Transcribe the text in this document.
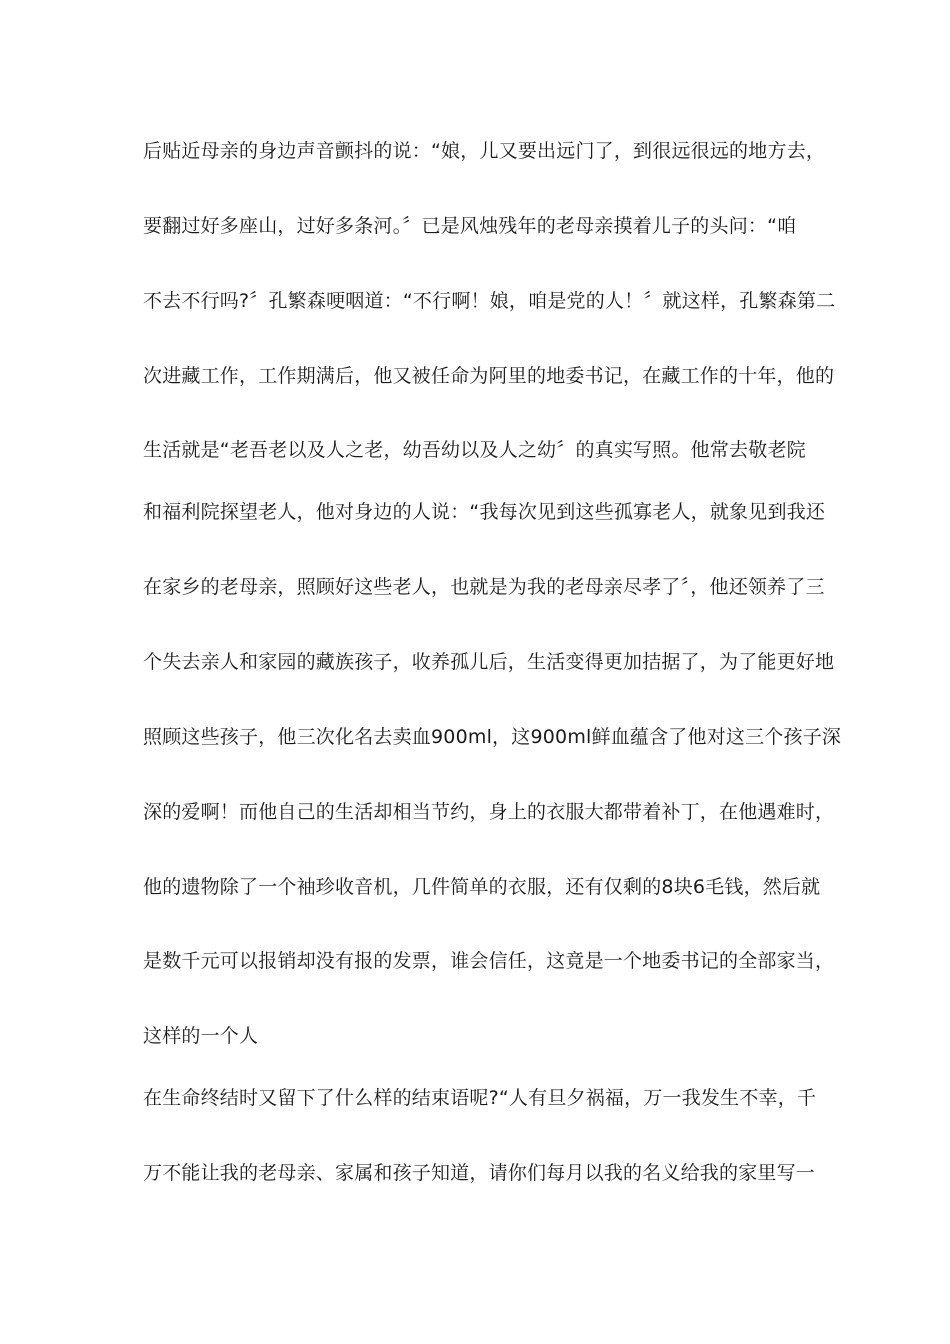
后贴近母亲的身边声音颤抖的说：“娘，儿又要出远门了，到很远很远的地方去，
要翻过好多座山，过好多条河。〞已是风烛残年的老母亲摸着儿子的头问：“咱
不去不行吗?〞孔繁森哽咽道：“不行啊！娘，咱是党的人！〞就这样，孔繁森第二
次进藏工作，工作期满后，他又被任命为阿里的地委书记，在藏工作的十年，他的
生活就是“老吾老以及人之老，幼吾幼以及人之幼〞的真实写照。他常去敬老院
和福利院探望老人，他对身边的人说：“我每次见到这些孤寡老人，就象见到我还
在家乡的老母亲，照顾好这些老人，也就是为我的老母亲尽孝了〞，他还领养了三
个失去亲人和家园的藏族孩子，收养孤儿后，生活变得更加拮据了，为了能更好地
照顾这些孩子，他三次化名去卖血900ml，这900ml鲜血蕴含了他对这三个孩子深
深的爱啊！而他自己的生活却相当节约，身上的衣服大都带着补丁，在他遇难时，
他的遗物除了一个袖珍收音机，几件简单的衣服，还有仅剩的8块6毛钱，然后就
是数千元可以报销却没有报的发票，谁会信任，这竟是一个地委书记的全部家当，
这样的一个人
在生命终结时又留下了什么样的结束语呢?“人有旦夕祸福，万一我发生不幸，千
万不能让我的老母亲、家属和孩子知道，请你们每月以我的名义给我的家里写一
